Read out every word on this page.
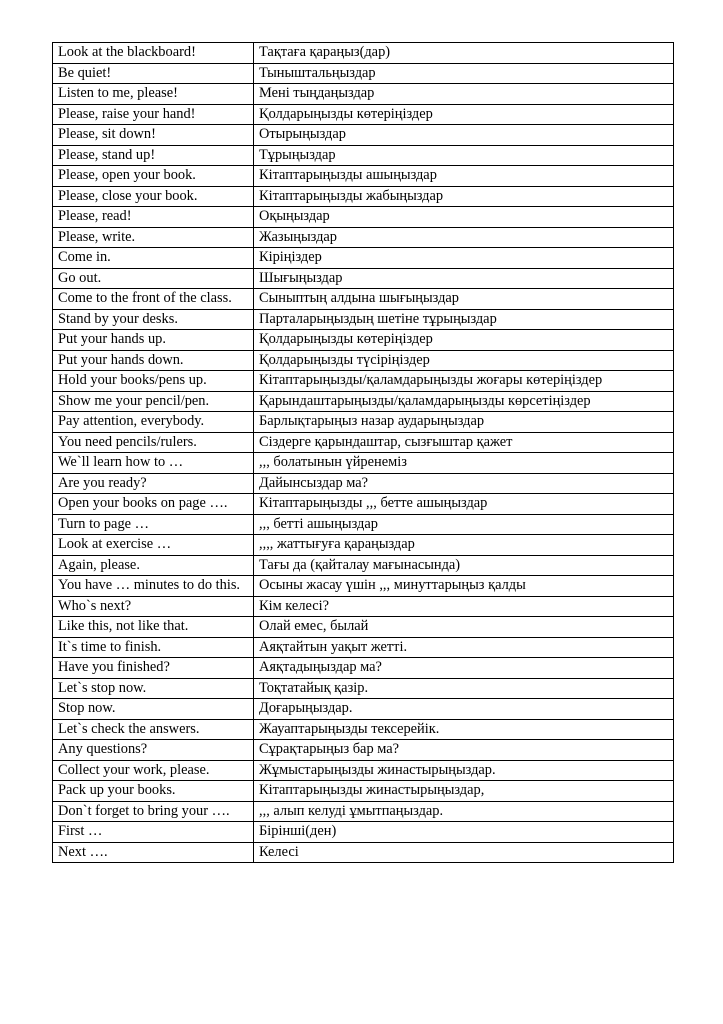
Look at the blackboard!	Тақтаға қараңыз(дар)
Be quiet!	Тыныштальңыздар
Listen to me, please!	Мені тыңдаңыздар
Please, raise your hand!	Қолдарыңызды көтеріңіздер
Please, sit down!	Отырыңыздар
Please, stand up!	Тұрыңыздар
Please, open your book.	Кітаптарыңызды ашыңыздар
Please, close your book.	Кітаптарыңызды жабыңыздар
Please, read!	Оқыңыздар
Please, write.	Жазыңыздар
Come in.	Кіріңіздер
Go out.	Шығыңыздар
Come to the front of the class.	Сыныптың алдына шығыңыздар
Stand by your desks.	Парталарыңыздың шетіне тұрыңыздар
Put your hands up.	Қолдарыңызды көтеріңіздер
Put your hands down.	Қолдарыңызды түсіріңіздер
Hold your books/pens up.	Кітаптарыңызды/қаламдарыңызды жоғары көтеріңіздер
Show me your pencil/pen.	Қарындаштарыңызды/қаламдарыңызды көрсетіңіздер
Pay attention, everybody.	Барлықтарыңыз назар аударыңыздар
You need pencils/rulers.	Сіздерге қарындаштар, сызғыштар қажет
We`ll learn how to …	,,, болатынын үйренеміз
Are you ready?	Дайынсыздар ма?
Open your books on page ….	Кітаптарыңызды ,,, бетте ашыңыздар
Turn to page …	,,, бетті ашыңыздар
Look at exercise …	,,,, жаттығуға қараңыздар
Again, please.	Тағы да (қайталау мағынасында)
You have … minutes to do this.	Осыны жасау үшін ,,, минуттарыңыз қалды
Who`s next?	Кім келесі?
Like this, not like that.	Олай емес, былай
It`s time to finish.	Аяқтайтын уақыт жетті.
Have you finished?	Аяқтадыңыздар ма?
Let`s stop now.	Тоқтатайық қазір.
Stop now.	Доғарыңыздар.
Let`s check the answers.	Жауаптарыңызды тексерейік.
Any questions?	Сұрақтарыңыз бар ма?
Collect your work, please.	Жұмыстарыңызды жинастырыңыздар.
Pack up your books.	Кітаптарыңызды жинастырыңыздар,
Don`t forget to bring your ….	,,, алып келуді ұмытпаңыздар.
First …	Бірінші(ден)
Next ….	Келесі
